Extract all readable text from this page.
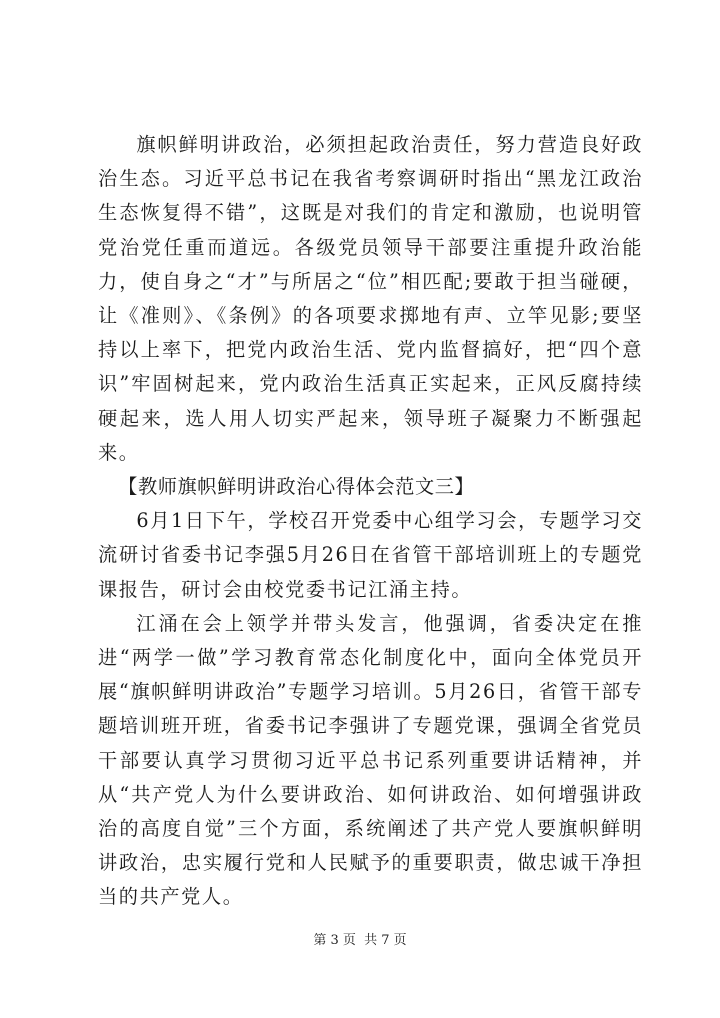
旗帜鲜明讲政治，必须担起政治责任，努力营造良好政治生态。习近平总书记在我省考察调研时指出“黑龙江政治生态恢复得不错”，这既是对我们的肯定和激励，也说明管党治党任重而道远。各级党员领导干部要注重提升政治能力，使自身之“才”与所居之“位”相匹配;要敢于担当碰硬，让《准则》、《条例》的各项要求掷地有声、立竿见影;要坚持以上率下，把党内政治生活、党内监督搞好，把“四个意识”牢固树起来，党内政治生活真正实起来，正风反腐持续硬起来，选人用人切实严起来，领导班子凝聚力不断强起来。

【教师旗帜鲜明讲政治心得体会范文三】

6月1日下午，学校召开党委中心组学习会，专题学习交流研讨省委书记李强5月26日在省管干部培训班上的专题党课报告，研讨会由校党委书记江涌主持。

江涌在会上领学并带头发言，他强调，省委决定在推进“两学一做”学习教育常态化制度化中，面向全体党员开展“旗帜鲜明讲政治”专题学习培训。5月26日，省管干部专题培训班开班，省委书记李强讲了专题党课，强调全省党员干部要认真学习贯彻习近平总书记系列重要讲话精神，并从“共产党人为什么要讲政治、如何讲政治、如何增强讲政治的高度自觉”三个方面，系统阐述了共产党人要旗帜鲜明讲政治，忠实履行党和人民赋予的重要职责，做忠诚干净担当的共产党人。

第 3 页  共 7 页
